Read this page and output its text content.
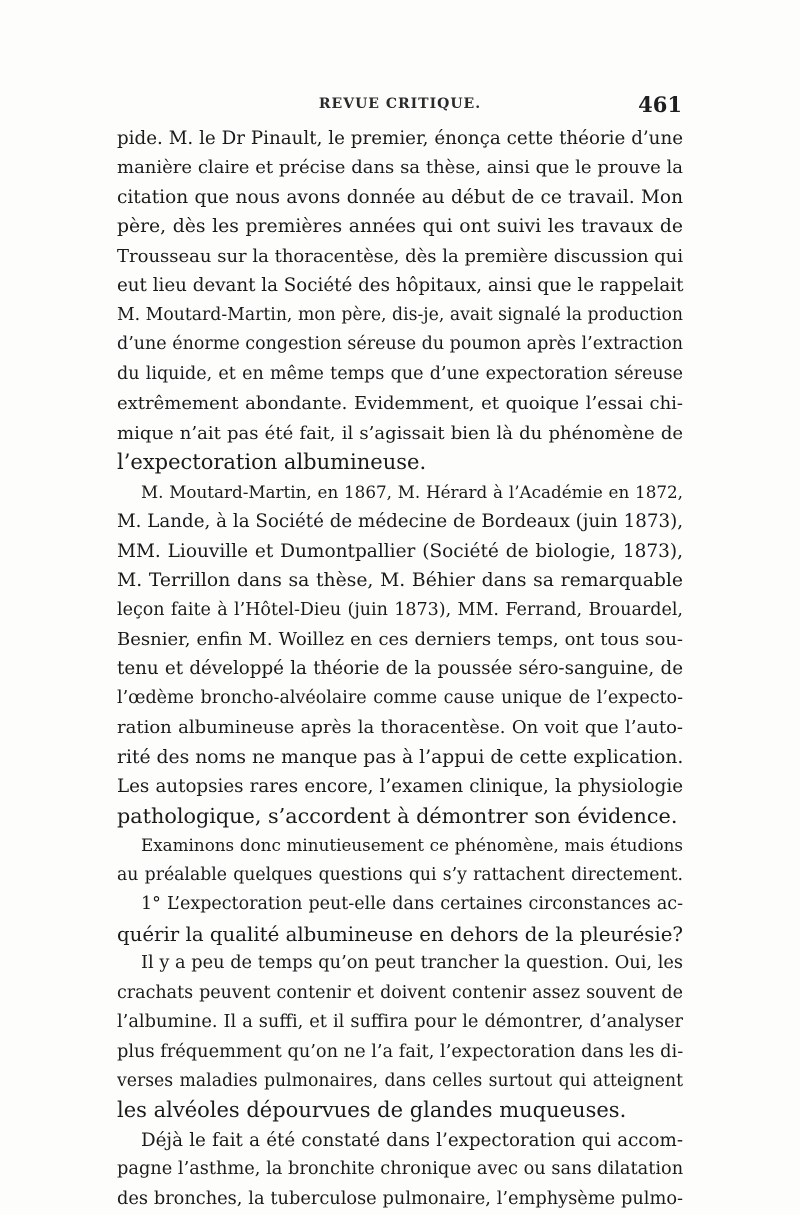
REVUE CRITIQUE.	461
pide. M. le Dr Pinault, le premier, énonça cette théorie d’une
manière claire et précise dans sa thèse, ainsi que le prouve la
citation que nous avons donnée au début de ce travail. Mon
père, dès les premières années qui ont suivi les travaux de
Trousseau sur la thoracentèse, dès la première discussion qui
eut lieu devant la Société des hôpitaux, ainsi que le rappelait
M. Moutard-Martin, mon père, dis-je, avait signalé la production
d’une énorme congestion séreuse du poumon après l’extraction
du liquide, et en même temps que d’une expectoration séreuse
extrêmement abondante. Evidemment, et quoique l’essai chi-
mique n’ait pas été fait, il s’agissait bien là du phénomène de
l’expectoration albumineuse.
M. Moutard-Martin, en 1867, M. Hérard à l’Académie en 1872,
M. Lande, à la Société de médecine de Bordeaux (juin 1873),
MM. Liouville et Dumontpallier (Société de biologie, 1873),
M. Terrillon dans sa thèse, M. Béhier dans sa remarquable
leçon faite à l’Hôtel-Dieu (juin 1873), MM. Ferrand, Brouardel,
Besnier, enfin M. Woillez en ces derniers temps, ont tous sou-
tenu et développé la théorie de la poussée séro-sanguine, de
l’œdème broncho-alvéolaire comme cause unique de l’expecto-
ration albumineuse après la thoracentèse. On voit que l’auto-
rité des noms ne manque pas à l’appui de cette explication.
Les autopsies rares encore, l’examen clinique, la physiologie
pathologique, s’accordent à démontrer son évidence.
Examinons donc minutieusement ce phénomène, mais étudions
au préalable quelques questions qui s’y rattachent directement.
1° L’expectoration peut-elle dans certaines circonstances ac-
quérir la qualité albumineuse en dehors de la pleurésie?
Il y a peu de temps qu’on peut trancher la question. Oui, les
crachats peuvent contenir et doivent contenir assez souvent de
l’albumine. Il a suffi, et il suffira pour le démontrer, d’analyser
plus fréquemment qu’on ne l’a fait, l’expectoration dans les di-
verses maladies pulmonaires, dans celles surtout qui atteignent
les alvéoles dépourvues de glandes muqueuses.
Déjà le fait a été constaté dans l’expectoration qui accom-
pagne l’asthme, la bronchite chronique avec ou sans dilatation
des bronches, la tuberculose pulmonaire, l’emphysème pulmo-
